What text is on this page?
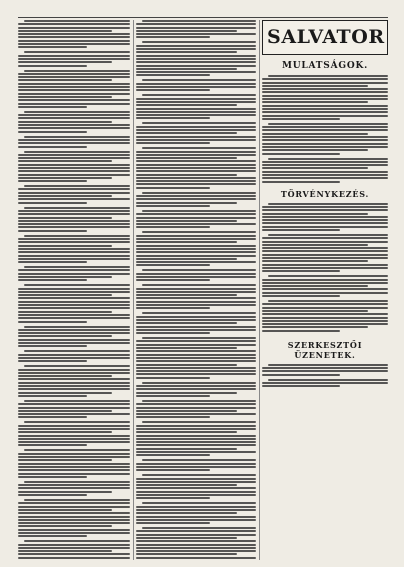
SALVATOR
MULATSÁGOK.
TÖRVÉNYKEZÉS.
SZERKESZTŐI ÜZENETEK.
